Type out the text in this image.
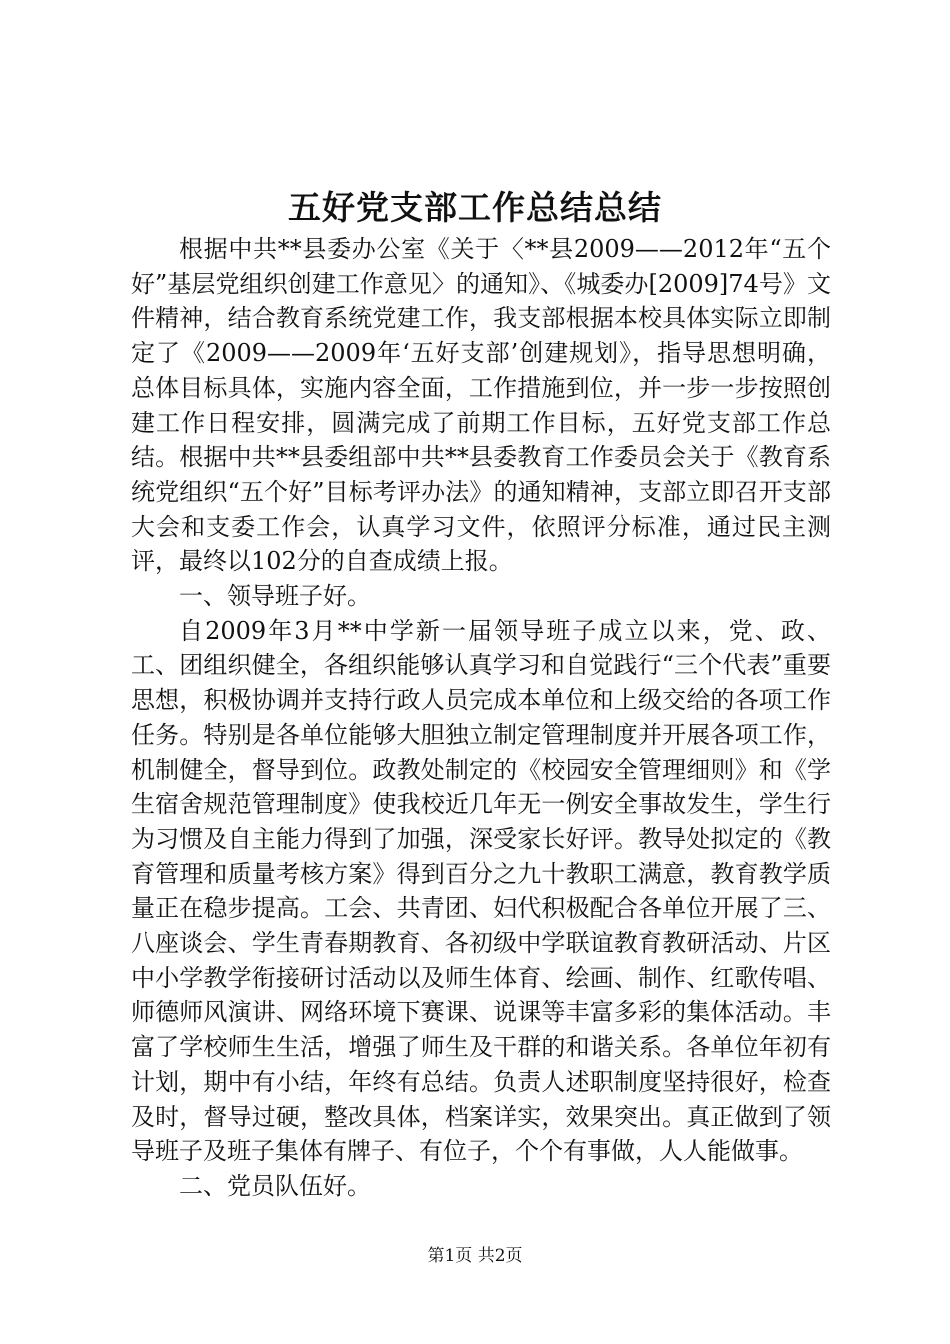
五好党支部工作总结总结

根据中共**县委办公室《关于〈**县2009——2012年“五个好”基层党组织创建工作意见〉的通知》、《城委办[2009]74号》文件精神，结合教育系统党建工作，我支部根据本校具体实际立即制定了《2009——2009年‘五好支部’创建规划》，指导思想明确，总体目标具体，实施内容全面，工作措施到位，并一步一步按照创建工作日程安排，圆满完成了前期工作目标，五好党支部工作总结。根据中共**县委组部中共**县委教育工作委员会关于《教育系统党组织“五个好”目标考评办法》的通知精神，支部立即召开支部大会和支委工作会，认真学习文件，依照评分标准，通过民主测评，最终以102分的自查成绩上报。

一、领导班子好。

自2009年3月**中学新一届领导班子成立以来，党、政、工、团组织健全，各组织能够认真学习和自觉践行“三个代表”重要思想，积极协调并支持行政人员完成本单位和上级交给的各项工作任务。特别是各单位能够大胆独立制定管理制度并开展各项工作，机制健全，督导到位。政教处制定的《校园安全管理细则》和《学生宿舍规范管理制度》使我校近几年无一例安全事故发生，学生行为习惯及自主能力得到了加强，深受家长好评。教导处拟定的《教育管理和质量考核方案》得到百分之九十教职工满意，教育教学质量正在稳步提高。工会、共青团、妇代积极配合各单位开展了三、八座谈会、学生青春期教育、各初级中学联谊教育教研活动、片区中小学教学衔接研讨活动以及师生体育、绘画、制作、红歌传唱、师德师风演讲、网络环境下赛课、说课等丰富多彩的集体活动。丰富了学校师生生活，增强了师生及干群的和谐关系。各单位年初有计划，期中有小结，年终有总结。负责人述职制度坚持很好，检查及时，督导过硬，整改具体，档案详实，效果突出。真正做到了领导班子及班子集体有牌子、有位子，个个有事做，人人能做事。

二、党员队伍好。

第1页 共2页
